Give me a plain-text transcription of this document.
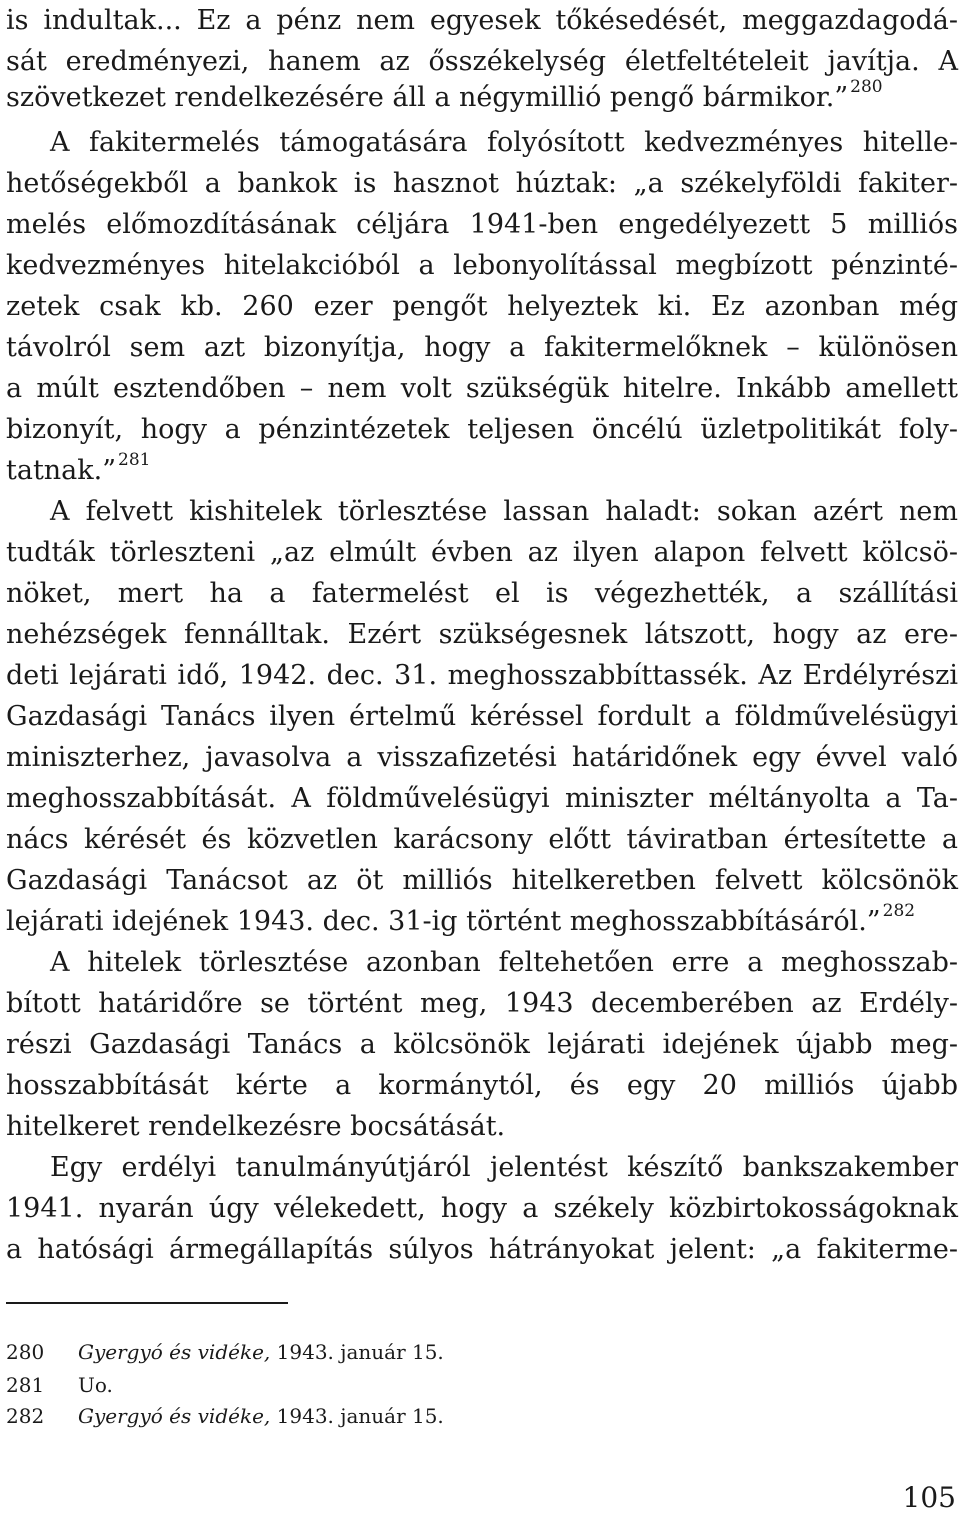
is indultak... Ez a pénz nem egyesek tőkésedését, meggazdagodá-
sát eredményezi, hanem az ősszékelység életfeltételeit javítja. A
szövetkezet rendelkezésére áll a négymillió pengő bármikor.” $^{280}$
A fakitermelés támogatására folyósított kedvezményes hitelle-
hetőségekből a bankok is hasznot húztak: „a székelyföldi fakiter-
melés előmozdításának céljára 1941-ben engedélyezett 5 milliós
kedvezményes hitelakcióból a lebonyolítással megbízott pénzinté-
zetek csak kb. 260 ezer pengőt helyeztek ki. Ez azonban még
távolról sem azt bizonyítja, hogy a fakitermelőknek – különösen
a múlt esztendőben – nem volt szükségük hitelre. Inkább amellett
bizonyít, hogy a pénzintézetek teljesen öncélú üzletpolitikát foly-
tatnak.” $^{281}$
A felvett kishitelek törlesztése lassan haladt: sokan azért nem
tudták törleszteni „az elmúlt évben az ilyen alapon felvett kölcsö-
nöket, mert ha a fatermelést el is végezhették, a szállítási
nehézségek fennálltak. Ezért szükségesnek látszott, hogy az ere-
deti lejárati idő, 1942. dec. 31. meghosszabbíttassék. Az Erdélyrészi
Gazdasági Tanács ilyen értelmű kéréssel fordult a földművelésügyi
miniszterhez, javasolva a visszafizetési határidőnek egy évvel való
meghosszabbítását. A földművelésügyi miniszter méltányolta a Ta-
nács kérését és közvetlen karácsony előtt táviratban értesítette a
Gazdasági Tanácsot az öt milliós hitelkeretben felvett kölcsönök
lejárati idejének 1943. dec. 31-ig történt meghosszabbításáról.” $^{282}$
A hitelek törlesztése azonban feltehetően erre a meghosszab-
bított határidőre se történt meg, 1943 decemberében az Erdély-
részi Gazdasági Tanács a kölcsönök lejárati idejének újabb meg-
hosszabbítását kérte a kormánytól, és egy 20 milliós újabb
hitelkeret rendelkezésre bocsátását.
Egy erdélyi tanulmányútjáról jelentést készítő bankszakember
1941. nyarán úgy vélekedett, hogy a székely közbirtokosságoknak
a hatósági ármegállapítás súlyos hátrányokat jelent: „a fakiterme-
280 Gyergyó és vidéke, 1943. január 15.
281 Uo.
282 Gyergyó és vidéke, 1943. január 15.
105
